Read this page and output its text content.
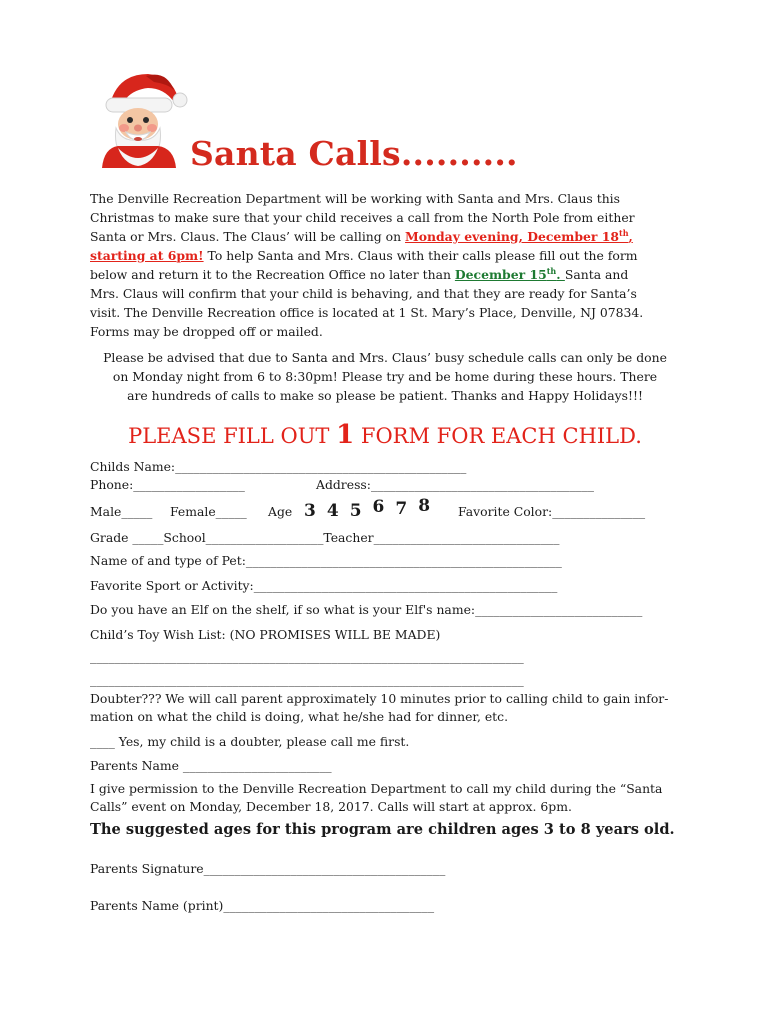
Santa Calls..........
The Denville Recreation Department will be working with Santa and Mrs. Claus this
Christmas to make sure that your child receives a call from the North Pole from either
Santa or Mrs. Claus. The Claus’ will be calling on Monday evening, December 18th,
starting at 6pm! To help Santa and Mrs. Claus with their calls please fill out the form
below and return it to the Recreation Office no later than December 15th. Santa and
Mrs. Claus will confirm that your child is behaving, and that they are ready for Santa’s
visit. The Denville Recreation office is located at 1 St. Mary’s Place, Denville, NJ 07834.
Forms may be dropped off or mailed.
Please be advised that due to Santa and Mrs. Claus’ busy schedule calls can only be done
on Monday night from 6 to 8:30pm! Please try and be home during these hours. There
are hundreds of calls to make so please be patient. Thanks and Happy Holidays!!!
PLEASE FILL OUT 1 FORM FOR EACH CHILD.
Childs Name:_______________________________________________
Phone:__________________	Address:____________________________________
Male_____ Female_____ Age 3 4 5 6 7 8	Favorite Color:_______________
Grade _____School___________________Teacher______________________________
Name of and type of Pet:___________________________________________________
Favorite Sport or Activity:_________________________________________________
Do you have an Elf on the shelf, if so what is your Elf's name:___________________________
Child’s Toy Wish List: (NO PROMISES WILL BE MADE)
______________________________________________________________________
______________________________________________________________________
Doubter??? We will call parent approximately 10 minutes prior to calling child to gain infor-
mation on what the child is doing, what he/she had for dinner, etc.
____ Yes, my child is a doubter, please call me first.
Parents Name ________________________
I give permission to the Denville Recreation Department to call my child during the “Santa
Calls” event on Monday, December 18, 2017. Calls will start at approx. 6pm.
The suggested ages for this program are children ages 3 to 8 years old.
Parents Signature_______________________________________
Parents Name (print)__________________________________
